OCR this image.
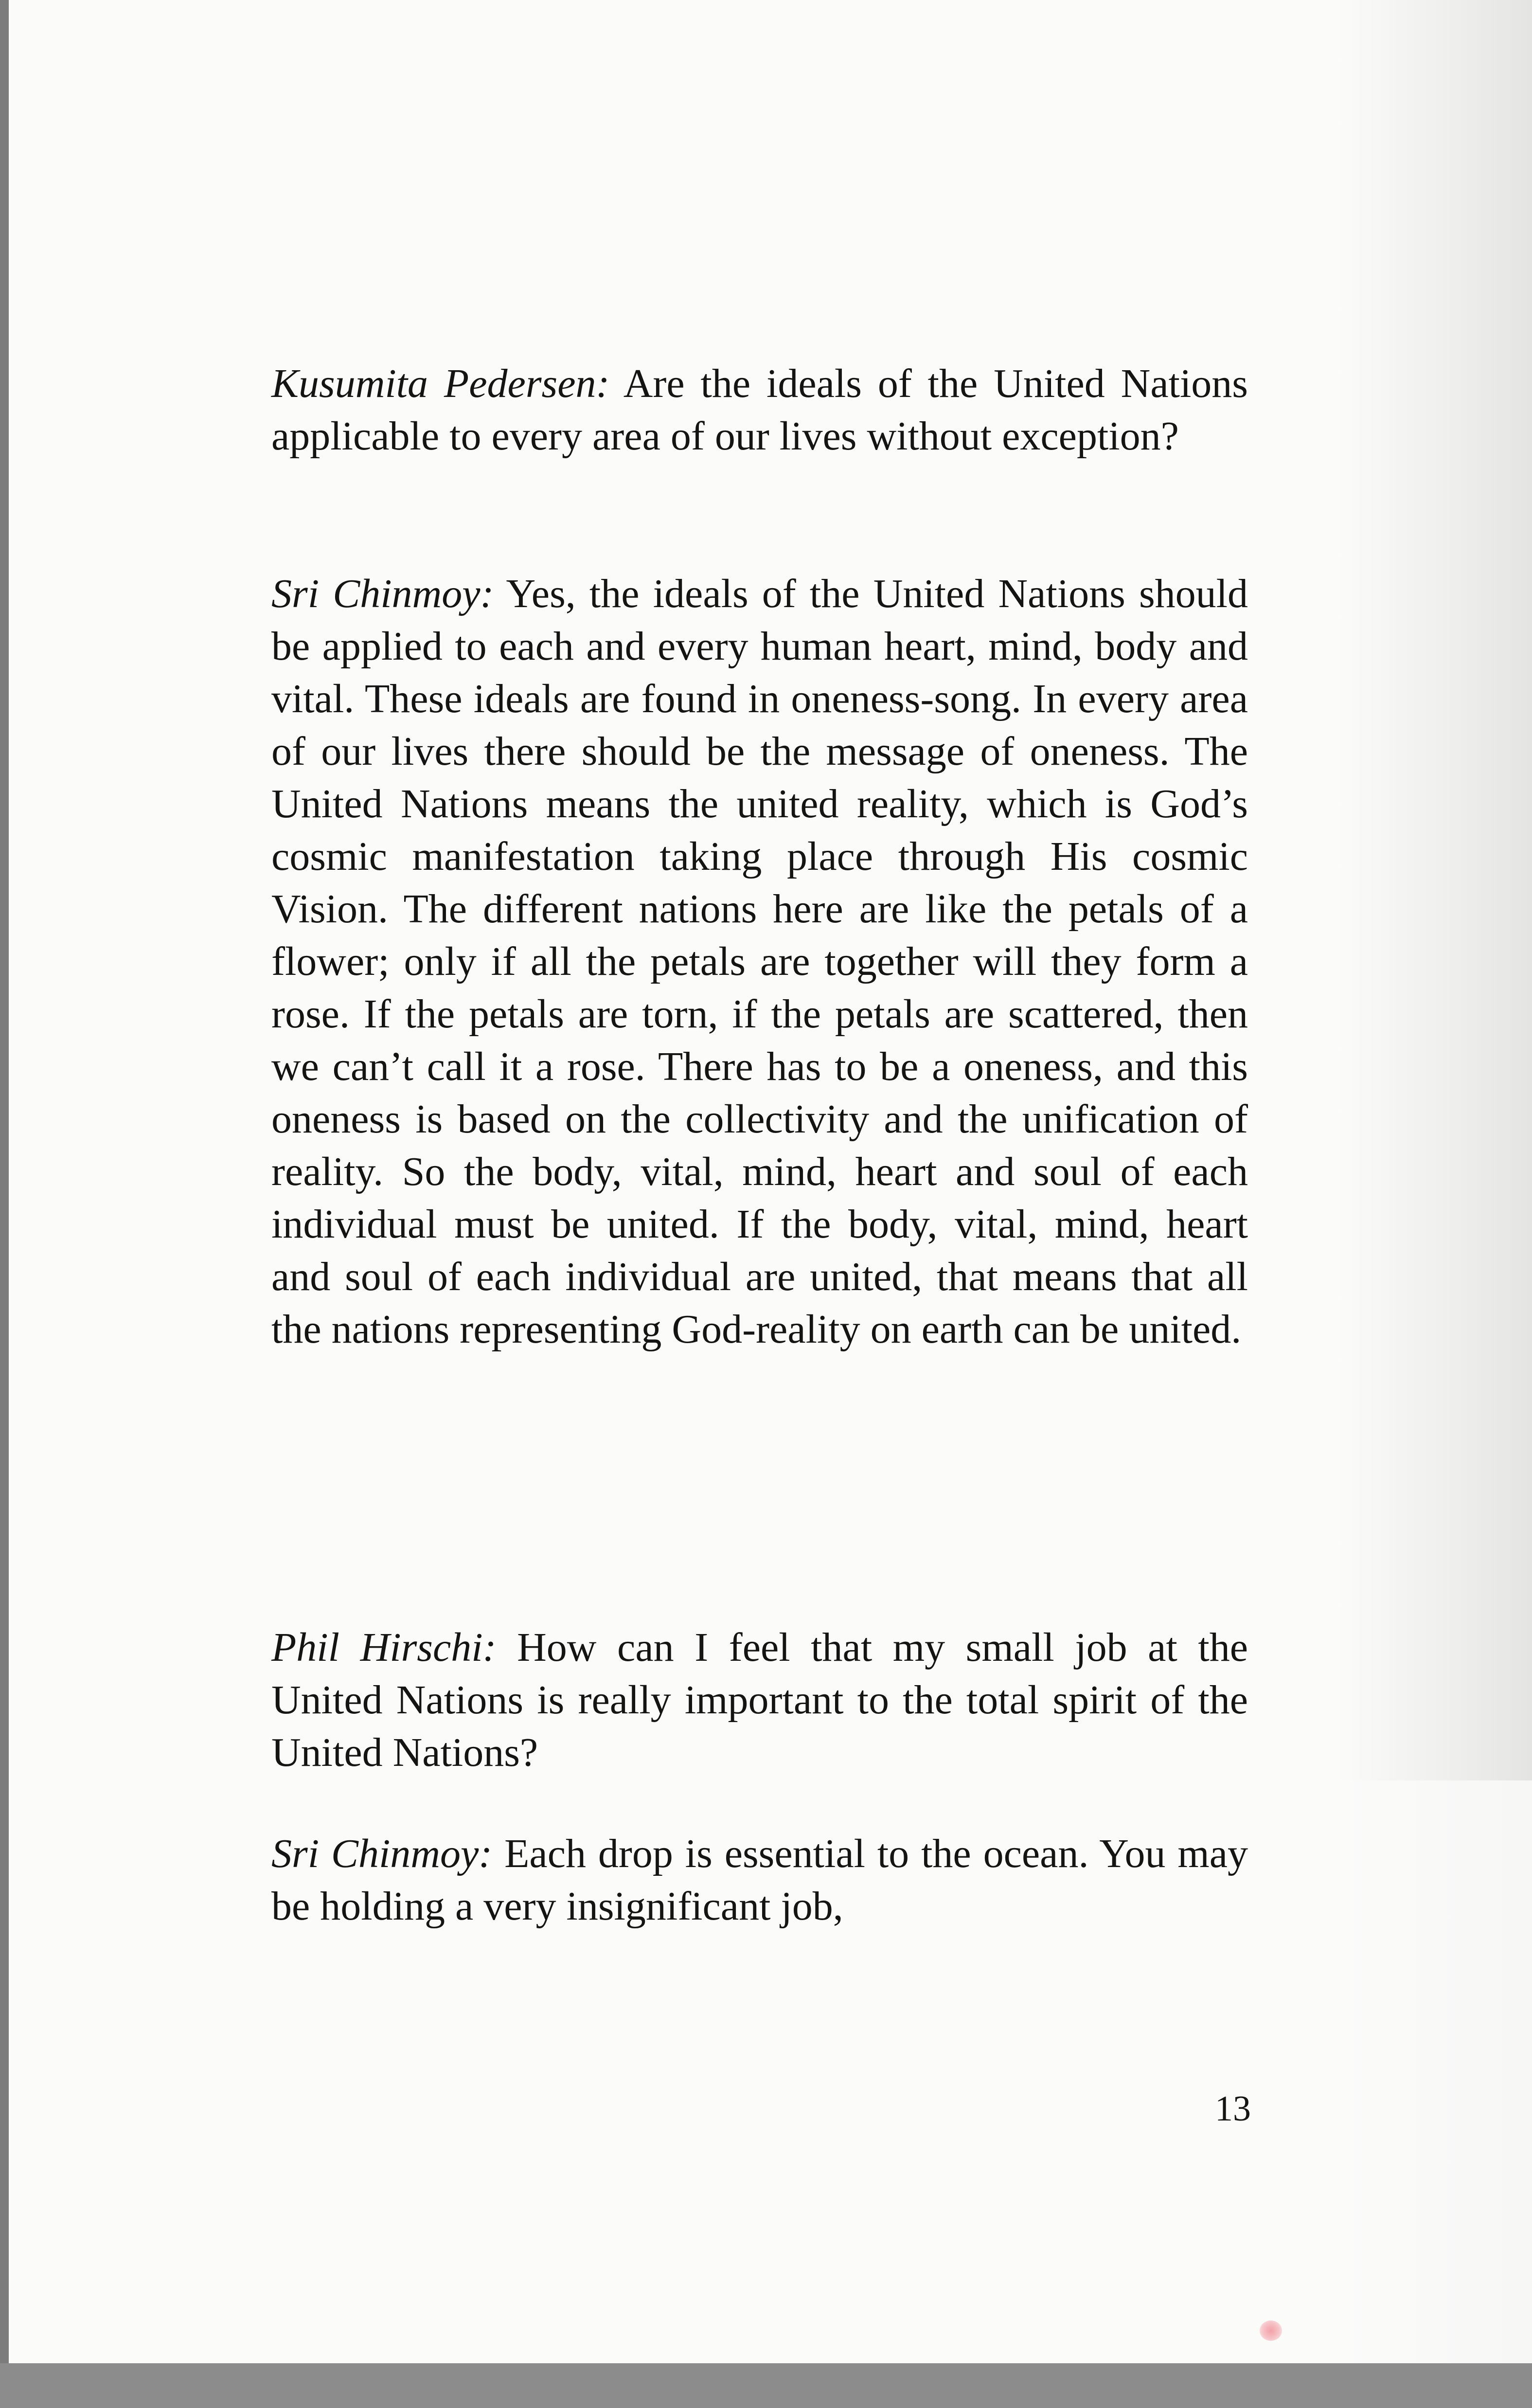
Kusumita Pedersen: Are the ideals of the United Nations applicable to every area of our lives without exception?

Sri Chinmoy: Yes, the ideals of the United Nations should be applied to each and every human heart, mind, body and vital. These ideals are found in oneness-song. In every area of our lives there should be the message of oneness. The United Nations means the united reality, which is God’s cosmic manifestation taking place through His cosmic Vision. The different nations here are like the petals of a flower; only if all the petals are together will they form a rose. If the petals are torn, if the petals are scattered, then we can’t call it a rose. There has to be a oneness, and this oneness is based on the collectivity and the unification of reality. So the body, vital, mind, heart and soul of each individual must be united. If the body, vital, mind, heart and soul of each individual are united, that means that all the nations representing God-reality on earth can be united.

Phil Hirschi: How can I feel that my small job at the United Nations is really important to the total spirit of the United Nations?

Sri Chinmoy: Each drop is essential to the ocean. You may be holding a very insignificant job,

13
